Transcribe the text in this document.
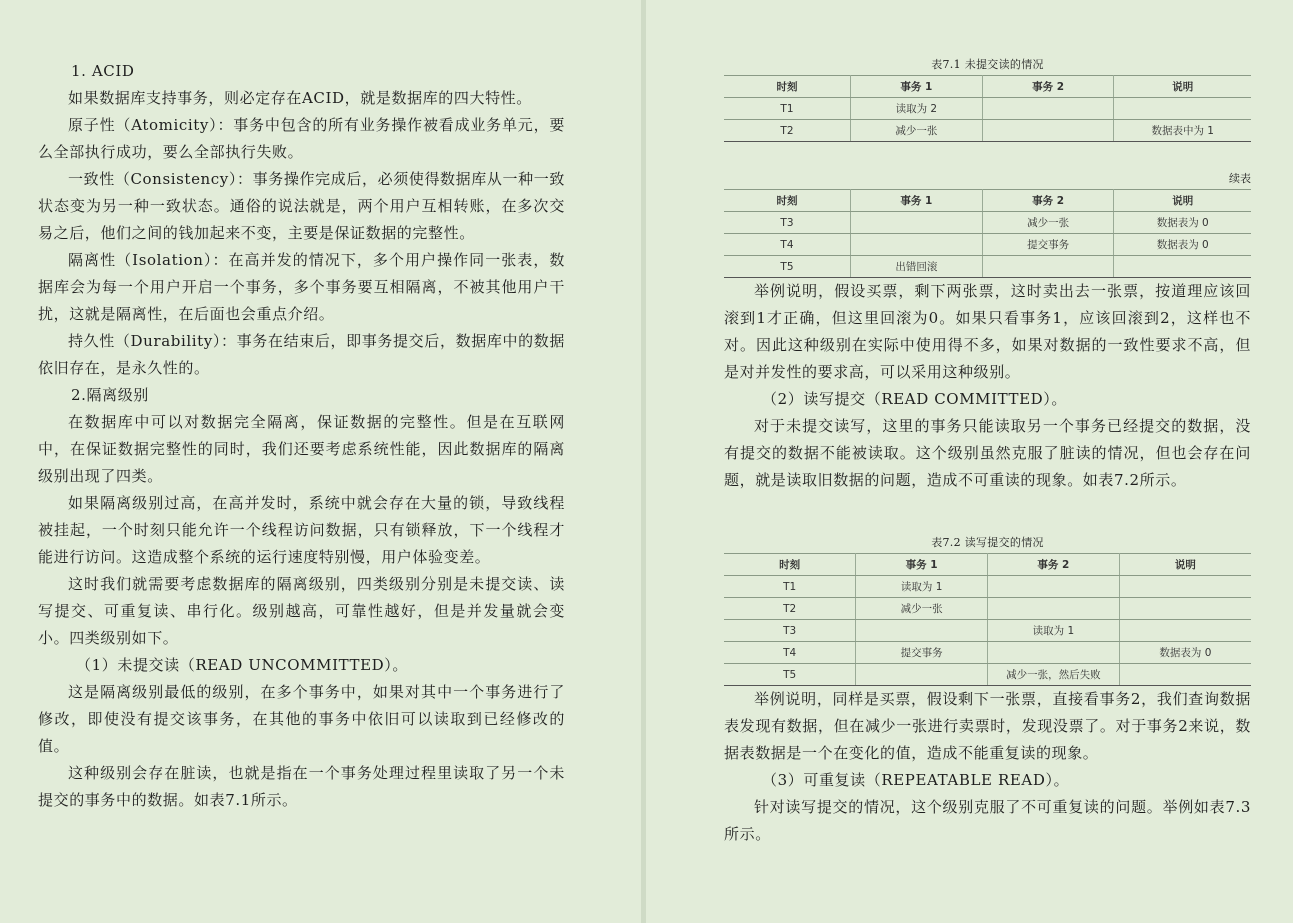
1. ACID

如果数据库支持事务，则必定存在ACID，就是数据库的四大特性。

原子性（Atomicity）：事务中包含的所有业务操作被看成业务单元，要么全部执行成功，要么全部执行失败。

一致性（Consistency）：事务操作完成后，必须使得数据库从一种一致状态变为另一种一致状态。通俗的说法就是，两个用户互相转账，在多次交易之后，他们之间的钱加起来不变，主要是保证数据的完整性。

隔离性（Isolation）：在高并发的情况下，多个用户操作同一张表，数据库会为每一个用户开启一个事务，多个事务要互相隔离，不被其他用户干扰，这就是隔离性，在后面也会重点介绍。

持久性（Durability）：事务在结束后，即事务提交后，数据库中的数据依旧存在，是永久性的。

2.隔离级别

在数据库中可以对数据完全隔离，保证数据的完整性。但是在互联网中，在保证数据完整性的同时，我们还要考虑系统性能，因此数据库的隔离级别出现了四类。

如果隔离级别过高，在高并发时，系统中就会存在大量的锁，导致线程被挂起，一个时刻只能允许一个线程访问数据，只有锁释放，下一个线程才能进行访问。这造成整个系统的运行速度特别慢，用户体验变差。

这时我们就需要考虑数据库的隔离级别，四类级别分别是未提交读、读写提交、可重复读、串行化。级别越高，可靠性越好，但是并发量就会变小。四类级别如下。

（1）未提交读（READ UNCOMMITTED）。

这是隔离级别最低的级别，在多个事务中，如果对其中一个事务进行了修改，即使没有提交该事务，在其他的事务中依旧可以读取到已经修改的值。

这种级别会存在脏读，也就是指在一个事务处理过程里读取了另一个未提交的事务中的数据。如表7.1所示。

表7.1 未提交读的情况

时刻	事务 1	事务 2	说明
T1	读取为 2		
T2	减少一张		数据表中为 1

续表

时刻	事务 1	事务 2	说明
T3		减少一张	数据表为 0
T4		提交事务	数据表为 0
T5	出错回滚		

举例说明，假设买票，剩下两张票，这时卖出去一张票，按道理应该回滚到1才正确，但这里回滚为0。如果只看事务1，应该回滚到2，这样也不对。因此这种级别在实际中使用得不多，如果对数据的一致性要求不高，但是对并发性的要求高，可以采用这种级别。

（2）读写提交（READ COMMITTED）。

对于未提交读写，这里的事务只能读取另一个事务已经提交的数据，没有提交的数据不能被读取。这个级别虽然克服了脏读的情况，但也会存在问题，就是读取旧数据的问题，造成不可重读的现象。如表7.2所示。

表7.2 读写提交的情况

时刻	事务 1	事务 2	说明
T1	读取为 1		
T2	减少一张		
T3		读取为 1	
T4	提交事务		数据表为 0
T5		减少一张，然后失败	

举例说明，同样是买票，假设剩下一张票，直接看事务2，我们查询数据表发现有数据，但在减少一张进行卖票时，发现没票了。对于事务2来说，数据表数据是一个在变化的值，造成不能重复读的现象。

（3）可重复读（REPEATABLE READ）。

针对读写提交的情况，这个级别克服了不可重复读的问题。举例如表7.3所示。
